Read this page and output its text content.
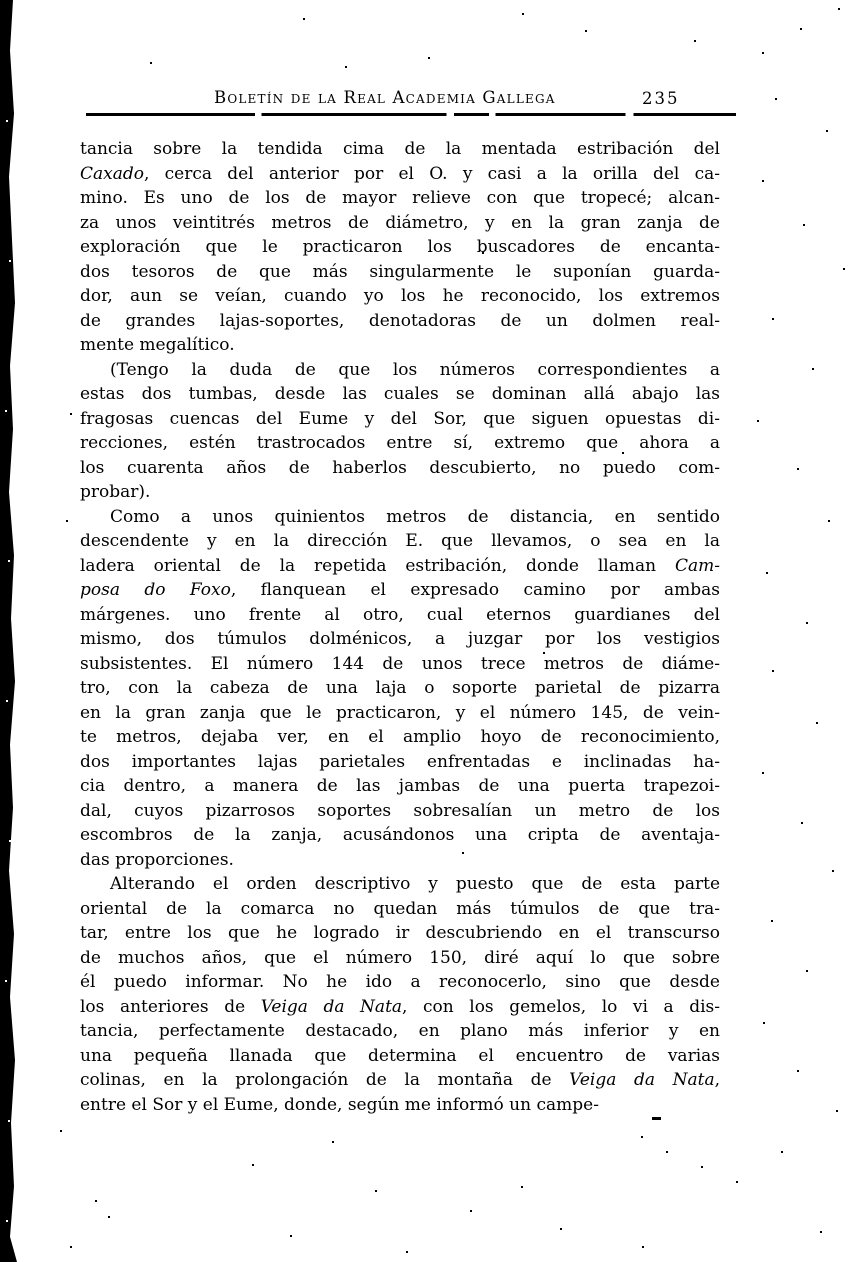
Boletín de la Real Academia Gallega	235
tancia sobre la tendida cima de la mentada estribación del
Caxado, cerca del anterior por el O. y casi a la orilla del ca-
mino. Es uno de los de mayor relieve con que tropecé; alcan-
za unos veintitrés metros de diámetro, y en la gran zanja de
exploración que le practicaron los buscadores de encanta-
dos tesoros de que más singularmente le suponían guarda-
dor, aun se veían, cuando yo los he reconocido, los extremos
de grandes lajas-soportes, denotadoras de un dolmen real-
mente megalítico.
(Tengo la duda de que los números correspondientes a
estas dos tumbas, desde las cuales se dominan allá abajo las
fragosas cuencas del Eume y del Sor, que siguen opuestas di-
recciones, estén trastrocados entre sí, extremo que ahora a
los cuarenta años de haberlos descubierto, no puedo com-
probar).
Como a unos quinientos metros de distancia, en sentido
descendente y en la dirección E. que llevamos, o sea en la
ladera oriental de la repetida estribación, donde llaman Cam-
posa do Foxo, flanquean el expresado camino por ambas
márgenes. uno frente al otro, cual eternos guardianes del
mismo, dos túmulos dolménicos, a juzgar por los vestigios
subsistentes. El número 144 de unos trece metros de diáme-
tro, con la cabeza de una laja o soporte parietal de pizarra
en la gran zanja que le practicaron, y el número 145, de vein-
te metros, dejaba ver, en el amplio hoyo de reconocimiento,
dos importantes lajas parietales enfrentadas e inclinadas ha-
cia dentro, a manera de las jambas de una puerta trapezoi-
dal, cuyos pizarrosos soportes sobresalían un metro de los
escombros de la zanja, acusándonos una cripta de aventaja-
das proporciones.
Alterando el orden descriptivo y puesto que de esta parte
oriental de la comarca no quedan más túmulos de que tra-
tar, entre los que he logrado ir descubriendo en el transcurso
de muchos años, que el número 150, diré aquí lo que sobre
él puedo informar. No he ido a reconocerlo, sino que desde
los anteriores de Veiga da Nata, con los gemelos, lo vi a dis-
tancia, perfectamente destacado, en plano más inferior y en
una pequeña llanada que determina el encuentro de varias
colinas, en la prolongación de la montaña de Veiga da Nata,
entre el Sor y el Eume, donde, según me informó un campe-
